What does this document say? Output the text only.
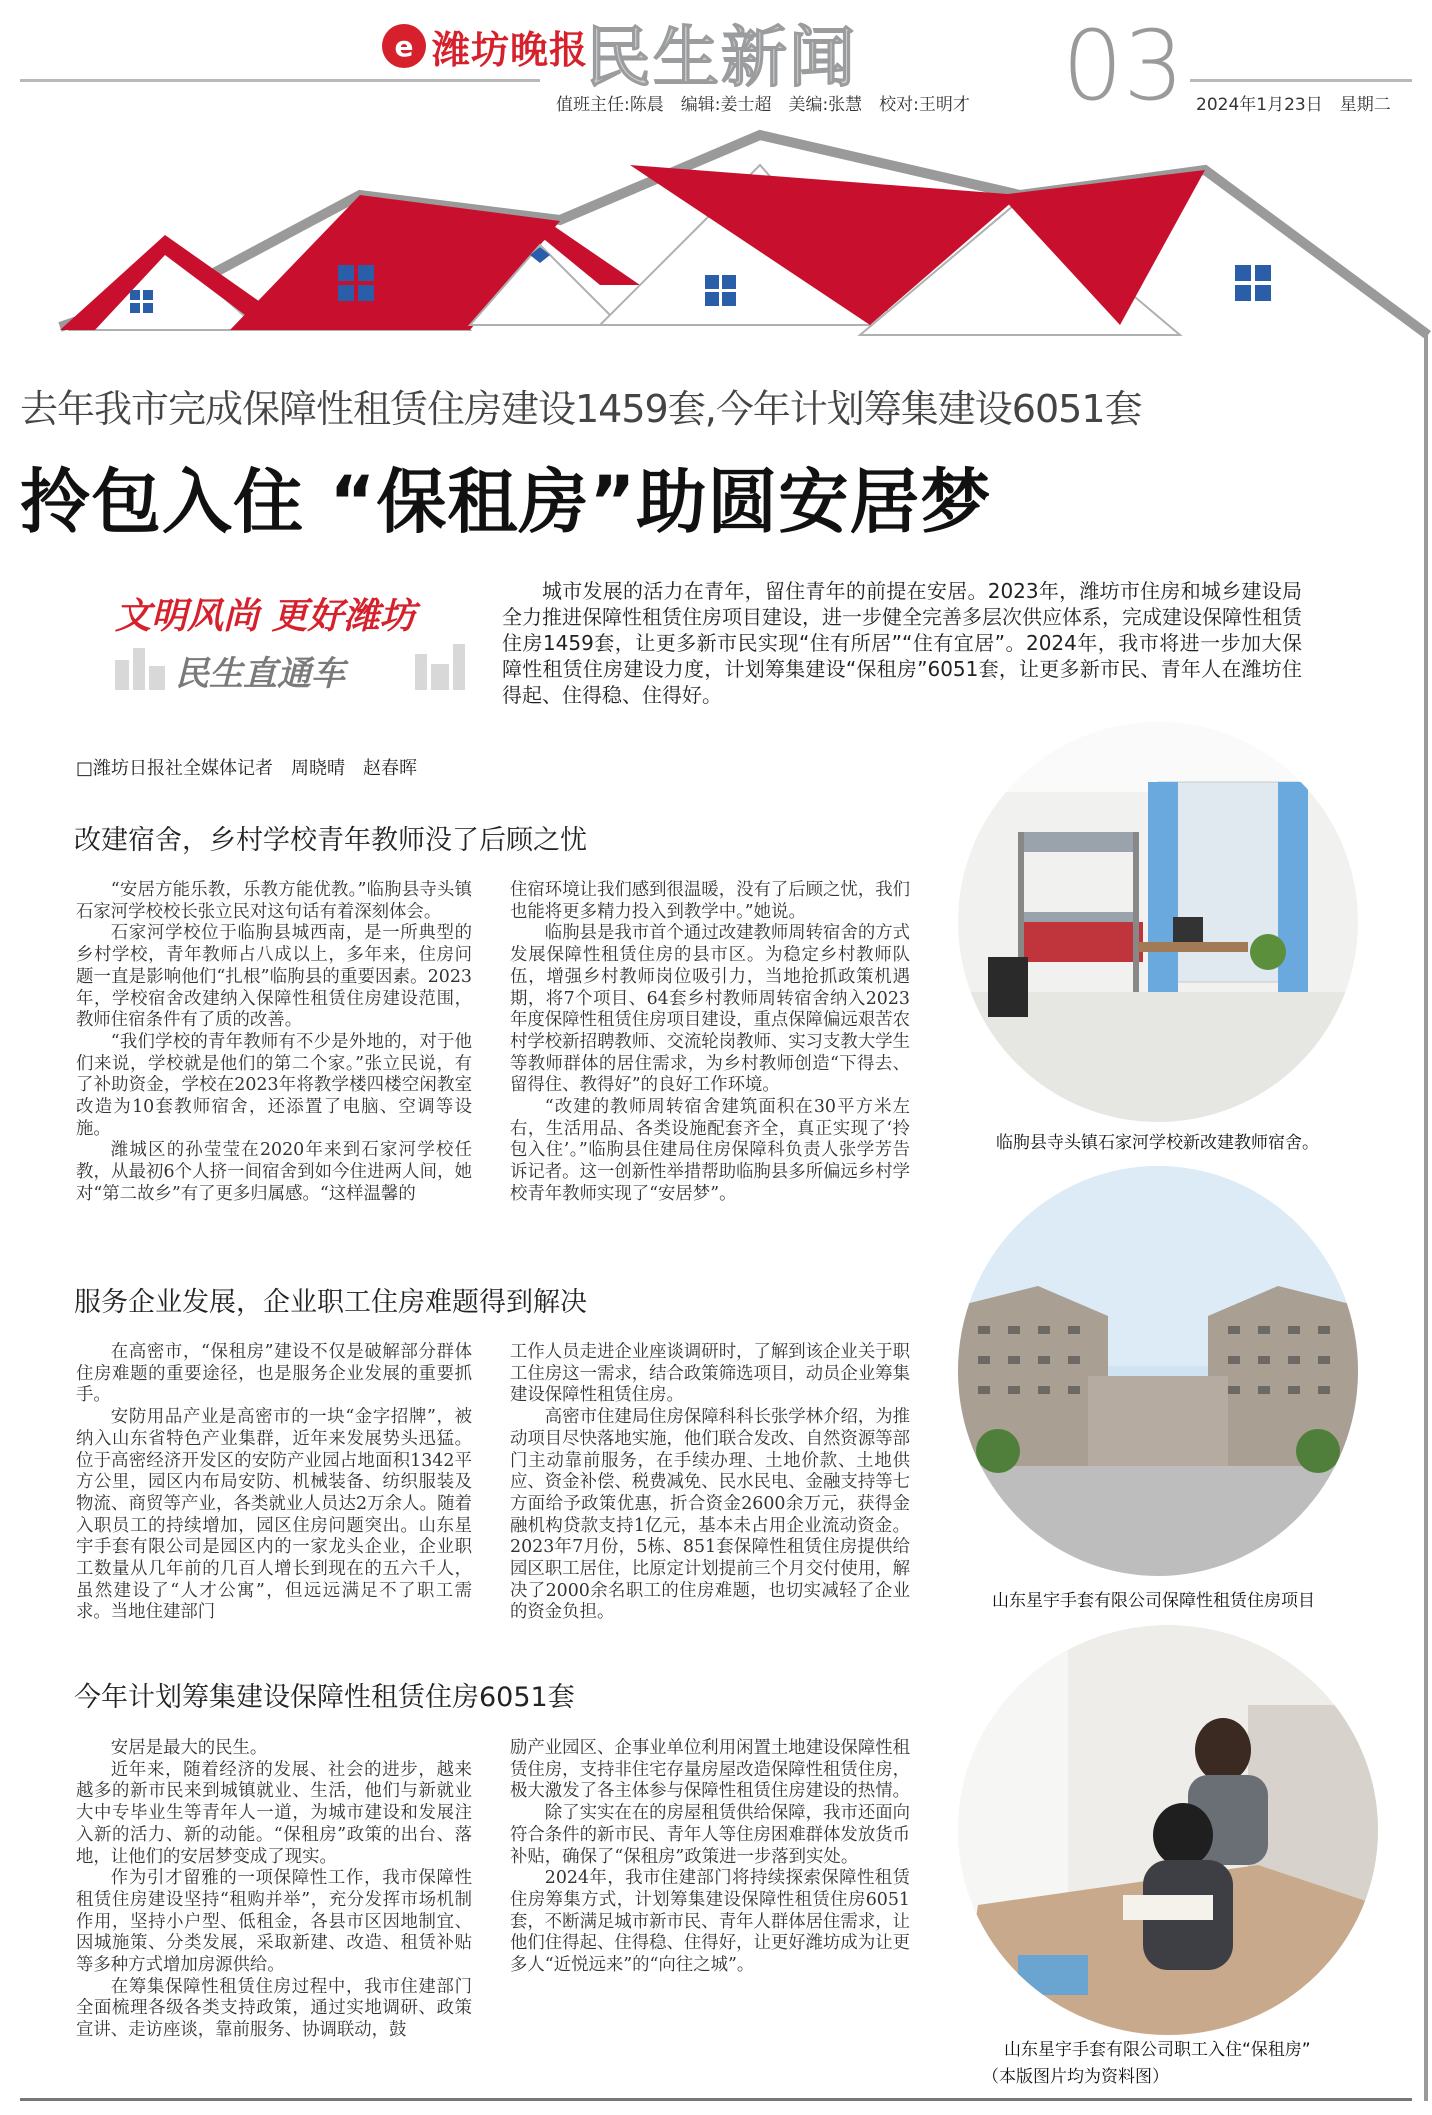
e 潍坊晚报
民生新闻 03
值班主任:陈晨　编辑:姜士超　美编:张慧　校对:王明才	2024年1月23日　星期二
去年我市完成保障性租赁住房建设1459套,今年计划筹集建设6051套
拎包入住 “保租房”助圆安居梦
文明风尚 更好潍坊
民生直通车
城市发展的活力在青年，留住青年的前提在安居。2023年，潍坊市住房和城乡建设局全力推进保障性租赁住房项目建设，进一步健全完善多层次供应体系，完成建设保障性租赁住房1459套，让更多新市民实现“住有所居”“住有宜居”。2024年，我市将进一步加大保障性租赁住房建设力度，计划筹集建设“保租房”6051套，让更多新市民、青年人在潍坊住得起、住得稳、住得好。
□潍坊日报社全媒体记者　周晓晴　赵春晖
改建宿舍，乡村学校青年教师没了后顾之忧

“安居方能乐教，乐教方能优教。”临朐县寺头镇石家河学校校长张立民对这句话有着深刻体会。

石家河学校位于临朐县城西南，是一所典型的乡村学校，青年教师占八成以上，多年来，住房问题一直是影响他们“扎根”临朐县的重要因素。2023年，学校宿舍改建纳入保障性租赁住房建设范围，教师住宿条件有了质的改善。

“我们学校的青年教师有不少是外地的，对于他们来说，学校就是他们的第二个家。”张立民说，有了补助资金，学校在2023年将教学楼四楼空闲教室改造为10套教师宿舍，还添置了电脑、空调等设施。

潍城区的孙莹莹在2020年来到石家河学校任教，从最初6个人挤一间宿舍到如今住进两人间，她对“第二故乡”有了更多归属感。“这样温馨的

住宿环境让我们感到很温暖，没有了后顾之忧，我们也能将更多精力投入到教学中。”她说。

临朐县是我市首个通过改建教师周转宿舍的方式发展保障性租赁住房的县市区。为稳定乡村教师队伍，增强乡村教师岗位吸引力，当地抢抓政策机遇期，将7个项目、64套乡村教师周转宿舍纳入2023年度保障性租赁住房项目建设，重点保障偏远艰苦农村学校新招聘教师、交流轮岗教师、实习支教大学生等教师群体的居住需求，为乡村教师创造“下得去、留得住、教得好”的良好工作环境。

“改建的教师周转宿舍建筑面积在30平方米左右，生活用品、各类设施配套齐全，真正实现了‘拎包入住’。”临朐县住建局住房保障科负责人张学芳告诉记者。这一创新性举措帮助临朐县多所偏远乡村学校青年教师实现了“安居梦”。

服务企业发展，企业职工住房难题得到解决

在高密市，“保租房”建设不仅是破解部分群体住房难题的重要途径，也是服务企业发展的重要抓手。

安防用品产业是高密市的一块“金字招牌”，被纳入山东省特色产业集群，近年来发展势头迅猛。位于高密经济开发区的安防产业园占地面积1342平方公里，园区内布局安防、机械装备、纺织服装及物流、商贸等产业，各类就业人员达2万余人。随着入职员工的持续增加，园区住房问题突出。山东星宇手套有限公司是园区内的一家龙头企业，企业职工数量从几年前的几百人增长到现在的五六千人，虽然建设了“人才公寓”，但远远满足不了职工需求。当地住建部门

工作人员走进企业座谈调研时，了解到该企业关于职工住房这一需求，结合政策筛选项目，动员企业筹集建设保障性租赁住房。

高密市住建局住房保障科科长张学林介绍，为推动项目尽快落地实施，他们联合发改、自然资源等部门主动靠前服务，在手续办理、土地价款、土地供应、资金补偿、税费减免、民水民电、金融支持等七方面给予政策优惠，折合资金2600余万元，获得金融机构贷款支持1亿元，基本未占用企业流动资金。2023年7月份，5栋、851套保障性租赁住房提供给园区职工居住，比原定计划提前三个月交付使用，解决了2000余名职工的住房难题，也切实减轻了企业的资金负担。

今年计划筹集建设保障性租赁住房6051套

安居是最大的民生。

近年来，随着经济的发展、社会的进步，越来越多的新市民来到城镇就业、生活，他们与新就业大中专毕业生等青年人一道，为城市建设和发展注入新的活力、新的动能。“保租房”政策的出台、落地，让他们的安居梦变成了现实。

作为引才留雅的一项保障性工作，我市保障性租赁住房建设坚持“租购并举”，充分发挥市场机制作用，坚持小户型、低租金，各县市区因地制宜、因城施策、分类发展，采取新建、改造、租赁补贴等多种方式增加房源供给。

在筹集保障性租赁住房过程中，我市住建部门全面梳理各级各类支持政策，通过实地调研、政策宣讲、走访座谈，靠前服务、协调联动，鼓

励产业园区、企事业单位利用闲置土地建设保障性租赁住房，支持非住宅存量房屋改造保障性租赁住房，极大激发了各主体参与保障性租赁住房建设的热情。

除了实实在在的房屋租赁供给保障，我市还面向符合条件的新市民、青年人等住房困难群体发放货币补贴，确保了“保租房”政策进一步落到实处。

2024年，我市住建部门将持续探索保障性租赁住房筹集方式，计划筹集建设保障性租赁住房6051套，不断满足城市新市民、青年人群体居住需求，让他们住得起、住得稳、住得好，让更好潍坊成为让更多人“近悦远来”的“向往之城”。

临朐县寺头镇石家河学校新改建教师宿舍。
山东星宇手套有限公司保障性租赁住房项目
山东星宇手套有限公司职工入住“保租房”
（本版图片均为资料图）
